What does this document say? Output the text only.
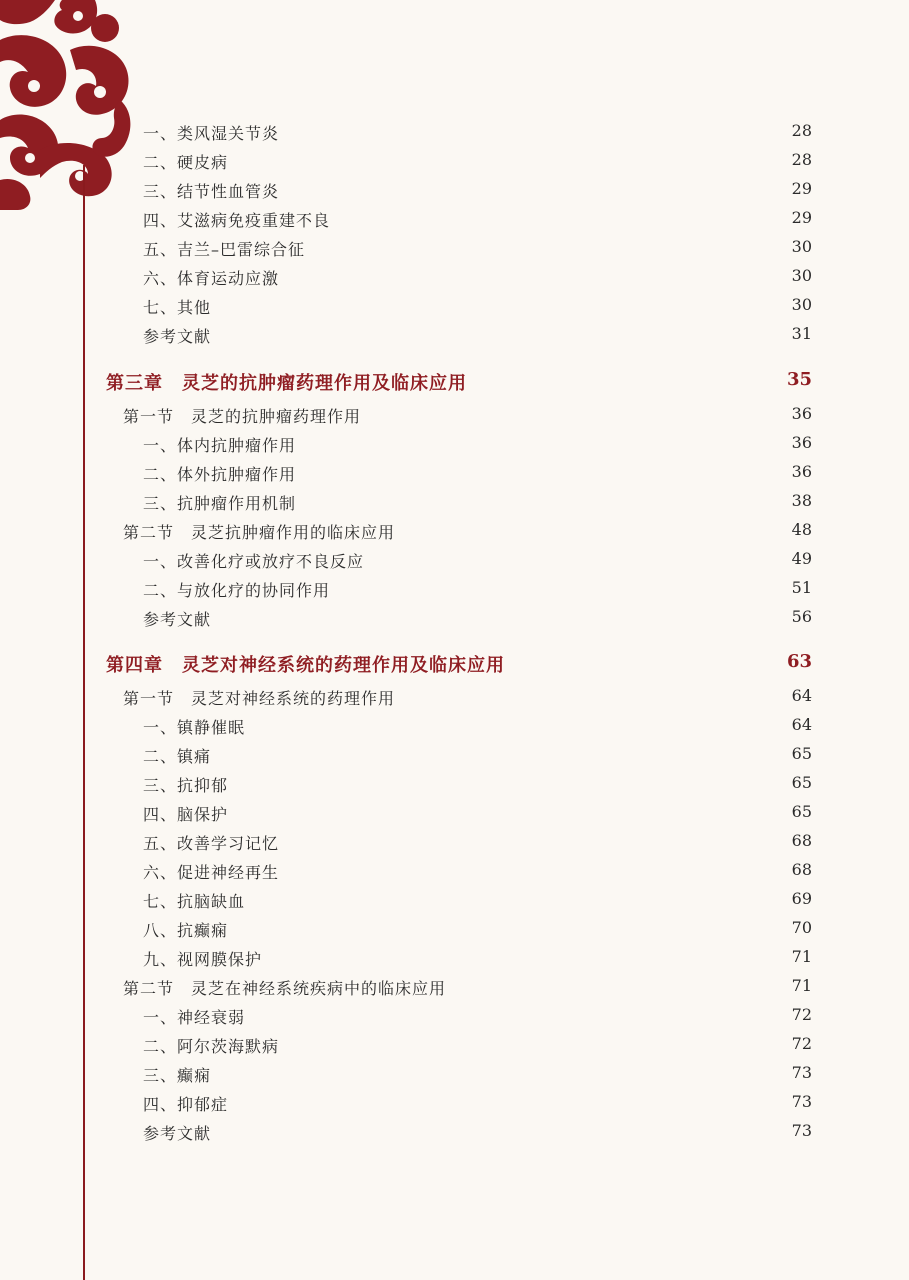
一、类风湿关节炎	28
二、硬皮病	28
三、结节性血管炎	29
四、艾滋病免疫重建不良	29
五、吉兰–巴雷综合征	30
六、体育运动应激	30
七、其他	30
参考文献	31
第三章　灵芝的抗肿瘤药理作用及临床应用	35
第一节　灵芝的抗肿瘤药理作用	36
一、体内抗肿瘤作用	36
二、体外抗肿瘤作用	36
三、抗肿瘤作用机制	38
第二节　灵芝抗肿瘤作用的临床应用	48
一、改善化疗或放疗不良反应	49
二、与放化疗的协同作用	51
参考文献	56
第四章　灵芝对神经系统的药理作用及临床应用	63
第一节　灵芝对神经系统的药理作用	64
一、镇静催眠	64
二、镇痛	65
三、抗抑郁	65
四、脑保护	65
五、改善学习记忆	68
六、促进神经再生	68
七、抗脑缺血	69
八、抗癫痫	70
九、视网膜保护	71
第二节　灵芝在神经系统疾病中的临床应用	71
一、神经衰弱	72
二、阿尔茨海默病	72
三、癫痫	73
四、抑郁症	73
参考文献	73
